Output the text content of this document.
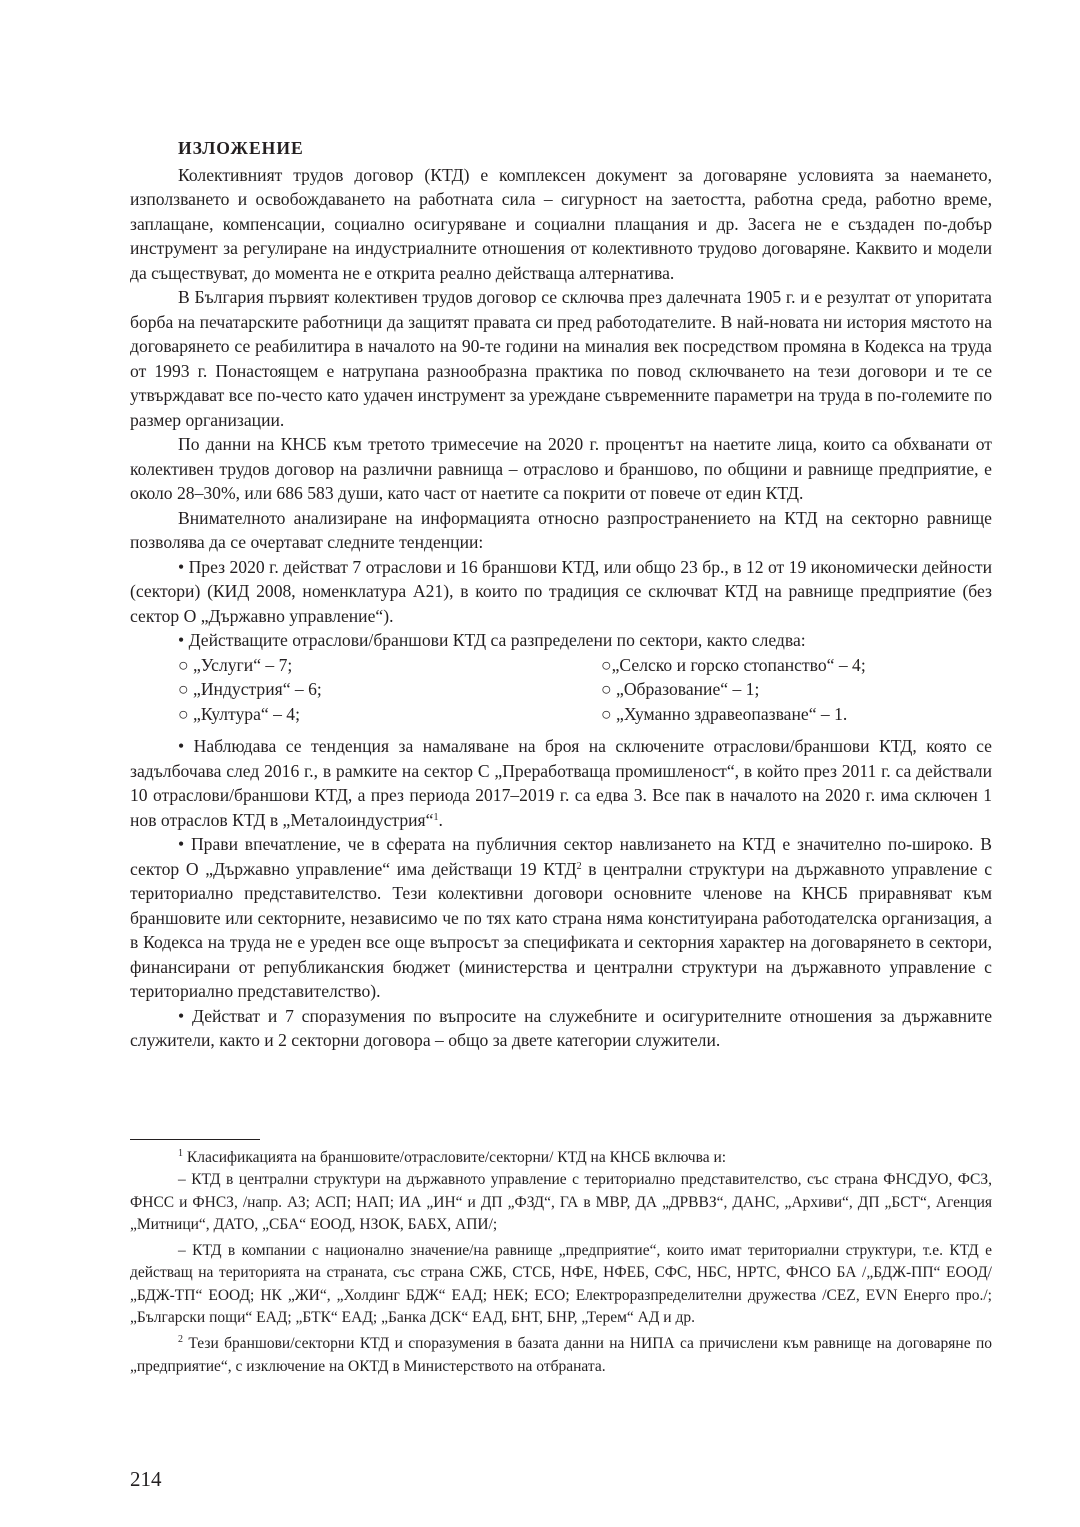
ИЗЛОЖЕНИЕ

Колективният трудов договор (КТД) е комплексен документ за договаряне условията за наемането, използването и освобождаването на работната сила – сигурност на заетостта, работна среда, работно време, заплащане, компенсации, социално осигуряване и социални плащания и др. Засега не е създаден по-добър инструмент за регулиране на индустриалните отношения от колективното трудово договаряне. Каквито и модели да съществуват, до момента не е открита реално действаща алтернатива.

В България първият колективен трудов договор се сключва през далечната 1905 г. и е резултат от упоритата борба на печатарските работници да защитят правата си пред работодателите. В най-новата ни история мястото на договарянето се реабилитира в началото на 90-те години на миналия век посредством промяна в Кодекса на труда от 1993 г. Понастоящем е натрупана разнообразна практика по повод сключването на тези договори и те се утвърждават все по-често като удачен инструмент за уреждане съвременните параметри на труда в по-големите по размер организации.

По данни на КНСБ към третото тримесечие на 2020 г. процентът на наетите лица, които са обхванати от колективен трудов договор на различни равнища – отраслово и браншово, по общини и равнище предприятие, е около 28–30%, или 686 583 души, като част от наетите са покрити от повече от един КТД.

Внимателното анализиране на информацията относно разпространението на КТД на секторно равнище позволява да се очертават следните тенденции:

• През 2020 г. действат 7 отраслови и 16 браншови КТД, или общо 23 бр., в 12 от 19 икономически дейности (сектори) (КИД 2008, номенклатура А21), в които по традиция се сключват КТД на равнище предприятие (без сектор О „Държавно управление“).

• Действащите отраслови/браншови КТД са разпределени по сектори, както следва:

○ „Услуги“ – 7;
○ „Индустрия“ – 6;
○ „Култура“ – 4;
○„Селско и горско стопанство“ – 4;
○ „Образование“ – 1;
○ „Хуманно здравеопазване“ – 1.

• Наблюдава се тенденция за намаляване на броя на сключените отраслови/браншови КТД, която се задълбочава след 2016 г., в рамките на сектор С „Преработваща промишленост“, в който през 2011 г. са действали 10 отраслови/браншови КТД, а през периода 2017–2019 г. са едва 3. Все пак в началото на 2020 г. има сключен 1 нов отраслов КТД в „Металоиндустрия“$^1$.

• Прави впечатление, че в сферата на публичния сектор навлизането на КТД е значително по-широко. В сектор О „Държавно управление“ има действащи 19 КТД$^2$ в централни структури на държавното управление с териториално представителство. Тези колективни договори основните членове на КНСБ приравняват към браншовите или секторните, независимо че по тях като страна няма конституирана работодателска организация, а в Кодекса на труда не е уреден все още въпросът за спецификата и секторния характер на договарянето в сектори, финансирани от републиканския бюджет (министерства и централни структури на държавното управление с териториално представителство).

• Действат и 7 споразумения по въпросите на служебните и осигурителните отношения за държавните служители, както и 2 секторни договора – общо за двете категории служители.

$^1$ Класификацията на браншовите/отрасловите/секторни/ КТД на КНСБ включва и:

– КТД в централни структури на държавното управление с териториално представителство, със страна ФНСДУО, ФСЗ, ФНСС и ФНСЗ, /напр. АЗ; АСП; НАП; ИА „ИН“ и ДП „ФЗД“, ГА в МВР, ДА „ДРВВЗ“, ДАНС, „Архиви“, ДП „БСТ“, Агенция „Митници“, ДАТО, „СБА“ ЕООД, НЗОК, БАБХ, АПИ/;

– КТД в компании с национално значение/на равнище „предприятие“, които имат териториални структури, т.е. КТД е действащ на територията на страната, със страна СЖБ, СТСБ, НФЕ, НФЕБ, СФС, НБС, НРТС, ФНСО БА /„БДЖ-ПП“ ЕООД/ „БДЖ-ТП“ ЕООД; НК „ЖИ“, „Холдинг БДЖ“ ЕАД; НЕК; ЕСО; Електроразпределителни дружества /CEZ, EVN Енерго про./; „Български пощи“ ЕАД; „БТК“ ЕАД; „Банка ДСК“ ЕАД, БНТ, БНР, „Терем“ АД и др.

$^2$ Тези браншови/секторни КТД и споразумения в базата данни на НИПА са причислени към равнище на договаряне по „предприятие“, с изключение на ОКТД в Министерството на отбраната.

214
